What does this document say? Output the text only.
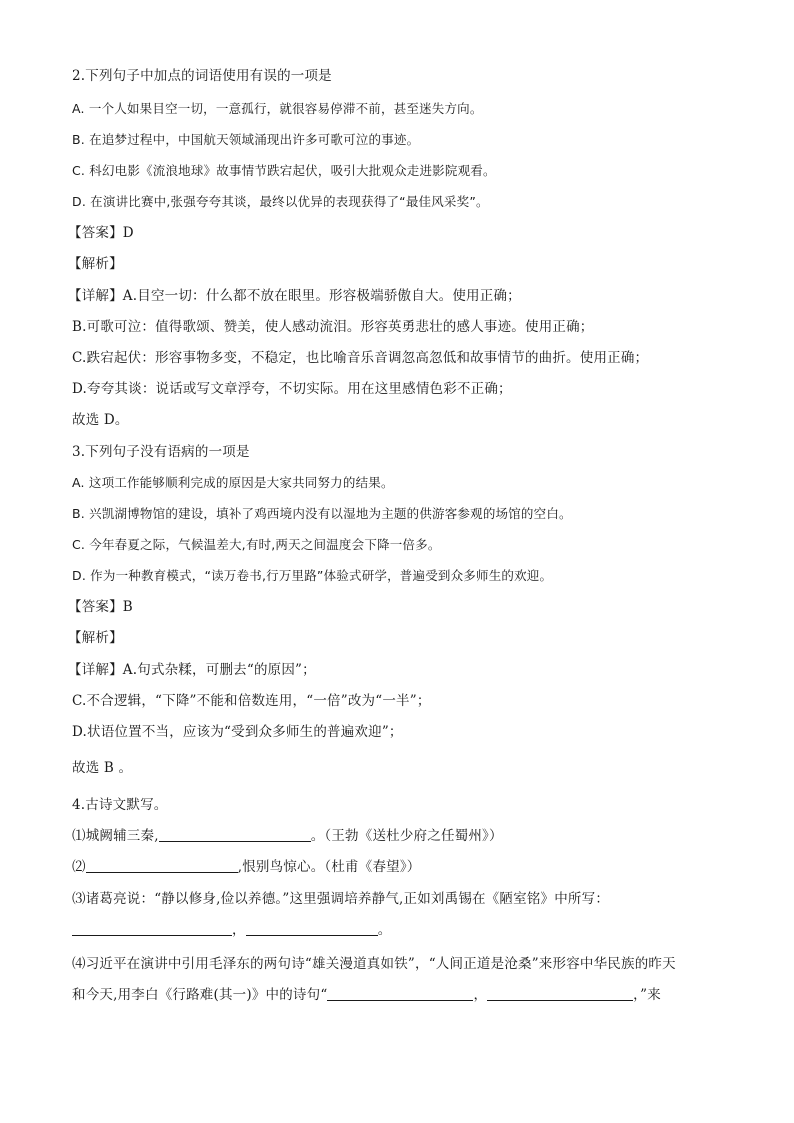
2.下列句子中加点的词语使用有误的一项是
A. 一个人如果目空一切，一意孤行，就很容易停滞不前，甚至迷失方向。
B. 在追梦过程中，中国航天领域涌现出许多可歌可泣的事迹。
C. 科幻电影《流浪地球》故事情节跌宕起伏，吸引大批观众走进影院观看。
D. 在演讲比赛中,张强夸夸其谈，最终以优异的表现获得了“最佳风采奖”。
【答案】D
【解析】
【详解】A.目空一切：什么都不放在眼里。形容极端骄傲自大。使用正确；
B.可歌可泣：值得歌颂、赞美，使人感动流泪。形容英勇悲壮的感人事迹。使用正确；
C.跌宕起伏：形容事物多变，不稳定，也比喻音乐音调忽高忽低和故事情节的曲折。使用正确；
D.夸夸其谈：说话或写文章浮夸，不切实际。用在这里感情色彩不正确；
故选 D。
3.下列句子没有语病的一项是
A. 这项工作能够顺利完成的原因是大家共同努力的结果。
B. 兴凯湖博物馆的建设，填补了鸡西境内没有以湿地为主题的供游客参观的场馆的空白。
C. 今年春夏之际，气候温差大,有时,两天之间温度会下降一倍多。
D. 作为一种教育模式，“读万卷书,行万里路”体验式研学，普遍受到众多师生的欢迎。
【答案】B
【解析】
【详解】A.句式杂糅，可删去“的原因”；
C.不合逻辑，“下降”不能和倍数连用，“一倍”改为“一半”；
D.状语位置不当，应该为“受到众多师生的普遍欢迎”；
故选 B 。
4.古诗文默写。
⑴城阙辅三秦,	。（王勃《送杜少府之任蜀州》）
⑵	,恨别鸟惊心。（杜甫《春望》）
⑶诸葛亮说：“静以修身,俭以养德。”这里强调培养静气,正如刘禹锡在《陋室铭》中所写：
，	。
⑷习近平在演讲中引用毛泽东的两句诗“雄关漫道真如铁”，“人间正道是沧桑”来形容中华民族的昨天
和今天,用李白《行路难(其一)》中的诗句“	，	，”来
